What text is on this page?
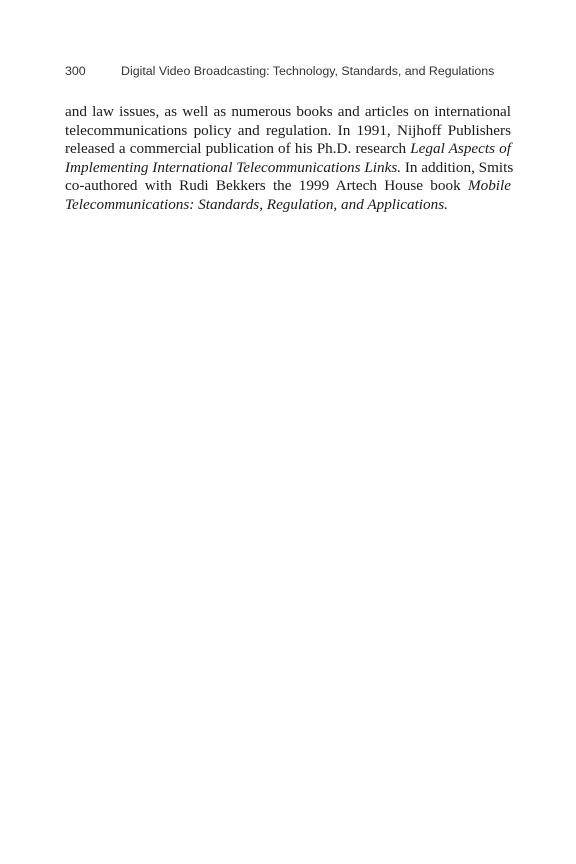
300	Digital Video Broadcasting: Technology, Standards, and Regulations
and law issues, as well as numerous books and articles on international
telecommunications policy and regulation. In 1991, Nijhoff Publishers
released a commercial publication of his Ph.D. research Legal Aspects of
Implementing International Telecommunications Links. In addition, Smits
co-authored with Rudi Bekkers the 1999 Artech House book Mobile
Telecommunications: Standards, Regulation, and Applications.
